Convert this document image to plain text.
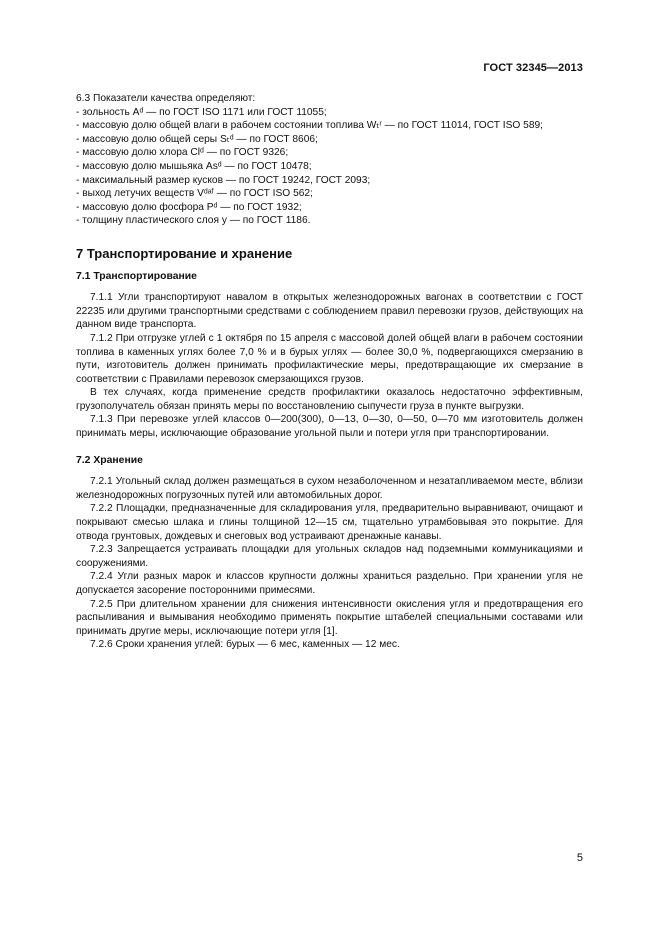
ГОСТ 32345—2013
6.3 Показатели качества определяют:
- зольность Aᵈ — по ГОСТ ISO 1171 или ГОСТ 11055;
- массовую долю общей влаги в рабочем состоянии топлива Wₜʳ — по ГОСТ 11014, ГОСТ ISO 589;
- массовую долю общей серы Sₜᵈ — по ГОСТ 8606;
- массовую долю хлора Clᵈ — по ГОСТ 9326;
- массовую долю мышьяка Asᵈ — по ГОСТ 10478;
- максимальный размер кусков — по ГОСТ 19242, ГОСТ 2093;
- выход летучих веществ Vᵈᵃᶠ — по ГОСТ ISO 562;
- массовую долю фосфора Pᵈ — по ГОСТ 1932;
- толщину пластического слоя y — по ГОСТ 1186.
7 Транспортирование и хранение
7.1 Транспортирование

7.1.1 Угли транспортируют навалом в открытых железнодорожных вагонах в соответствии с ГОСТ 22235 или другими транспортными средствами с соблюдением правил перевозки грузов, действующих на данном виде транспорта.

7.1.2 При отгрузке углей с 1 октября по 15 апреля с массовой долей общей влаги в рабочем состоянии топлива в каменных углях более 7,0 % и в бурых углях — более 30,0 %, подвергающихся смерзанию в пути, изготовитель должен принимать профилактические меры, предотвращающие их смерзание в соответствии с Правилами перевозок смерзающихся грузов.

В тех случаях, когда применение средств профилактики оказалось недостаточно эффективным, грузополучатель обязан принять меры по восстановлению сыпучести груза в пункте выгрузки.

7.1.3 При перевозке углей классов 0—200(300), 0—13, 0—30, 0—50, 0—70 мм изготовитель должен принимать меры, исключающие образование угольной пыли и потери угля при транспортировании.

7.2 Хранение

7.2.1 Угольный склад должен размещаться в сухом незаболоченном и незатапливаемом месте, вблизи железнодорожных погрузочных путей или автомобильных дорог.

7.2.2 Площадки, предназначенные для складирования угля, предварительно выравнивают, очищают и покрывают смесью шлака и глины толщиной 12—15 см, тщательно утрамбовывая это покрытие. Для отвода грунтовых, дождевых и снеговых вод устраивают дренажные канавы.

7.2.3 Запрещается устраивать площадки для угольных складов над подземными коммуникациями и сооружениями.

7.2.4 Угли разных марок и классов крупности должны храниться раздельно. При хранении угля не допускается засорение посторонними примесями.

7.2.5 При длительном хранении для снижения интенсивности окисления угля и предотвращения его распыливания и вымывания необходимо применять покрытие штабелей специальными составами или принимать другие меры, исключающие потери угля [1].

7.2.6 Сроки хранения углей: бурых — 6 мес, каменных — 12 мес.

5
